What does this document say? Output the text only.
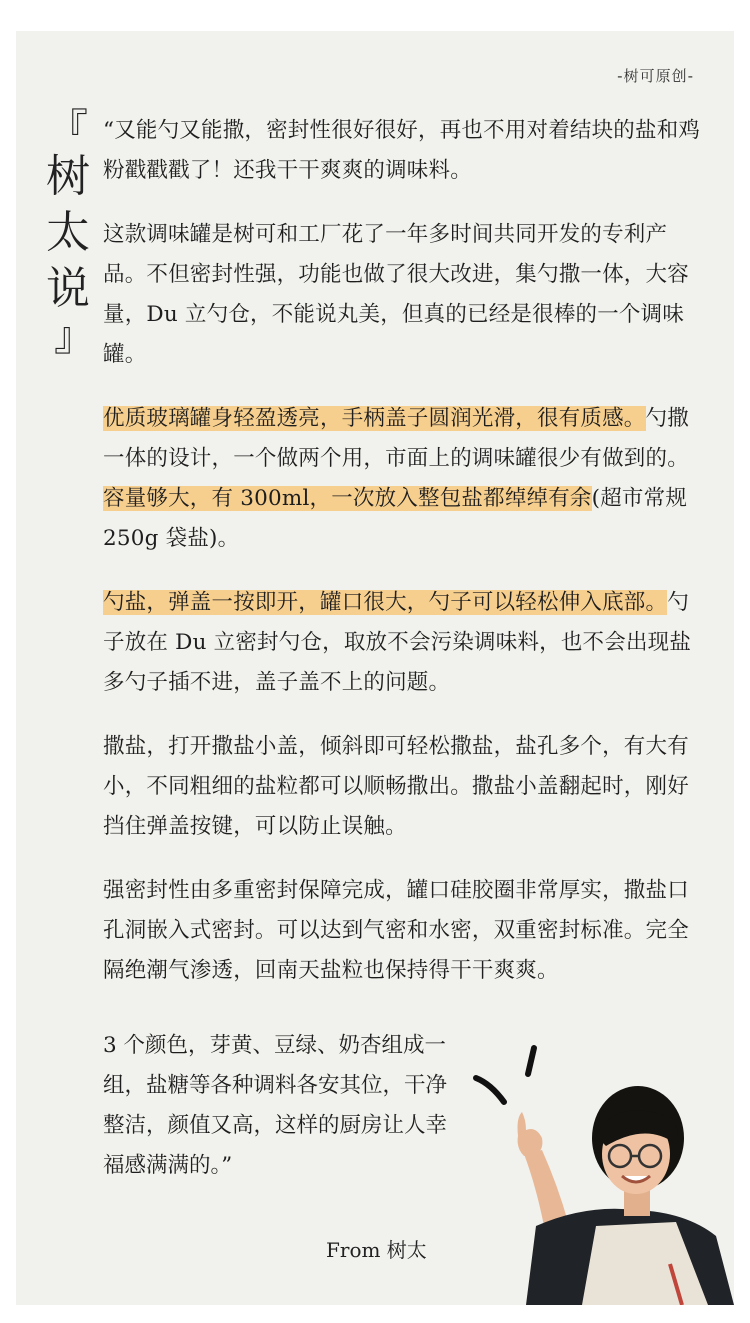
-树可原创-
『
树
太
说
』

“又能勺又能撒，密封性很好很好，再也不用对着结块的盐和鸡粉戳戳戳了！还我干干爽爽的调味料。

这款调味罐是树可和工厂花了一年多时间共同开发的专利产品。不但密封性强，功能也做了很大改进，集勺撒一体，大容量，Du 立勺仓，不能说丸美，但真的已经是很棒的一个调味罐。

优质玻璃罐身轻盈透亮，手柄盖子圆润光滑，很有质感。勺撒一体的设计，一个做两个用，市面上的调味罐很少有做到的。容量够大，有 300ml，一次放入整包盐都绰绰有余(超市常规 250g 袋盐)。

勺盐，弹盖一按即开，罐口很大，勺子可以轻松伸入底部。勺子放在 Du 立密封勺仓，取放不会污染调味料，也不会出现盐多勺子插不进，盖子盖不上的问题。

撒盐，打开撒盐小盖，倾斜即可轻松撒盐，盐孔多个，有大有小，不同粗细的盐粒都可以顺畅撒出。撒盐小盖翻起时，刚好挡住弹盖按键，可以防止误触。

强密封性由多重密封保障完成，罐口硅胶圈非常厚实，撒盐口孔洞嵌入式密封。可以达到气密和水密，双重密封标准。完全隔绝潮气渗透，回南天盐粒也保持得干干爽爽。

3 个颜色，芽黄、豆绿、奶杏组成一组，盐糖等各种调料各安其位，干净整洁，颜值又高，这样的厨房让人幸福感满满的。”

From 树太
